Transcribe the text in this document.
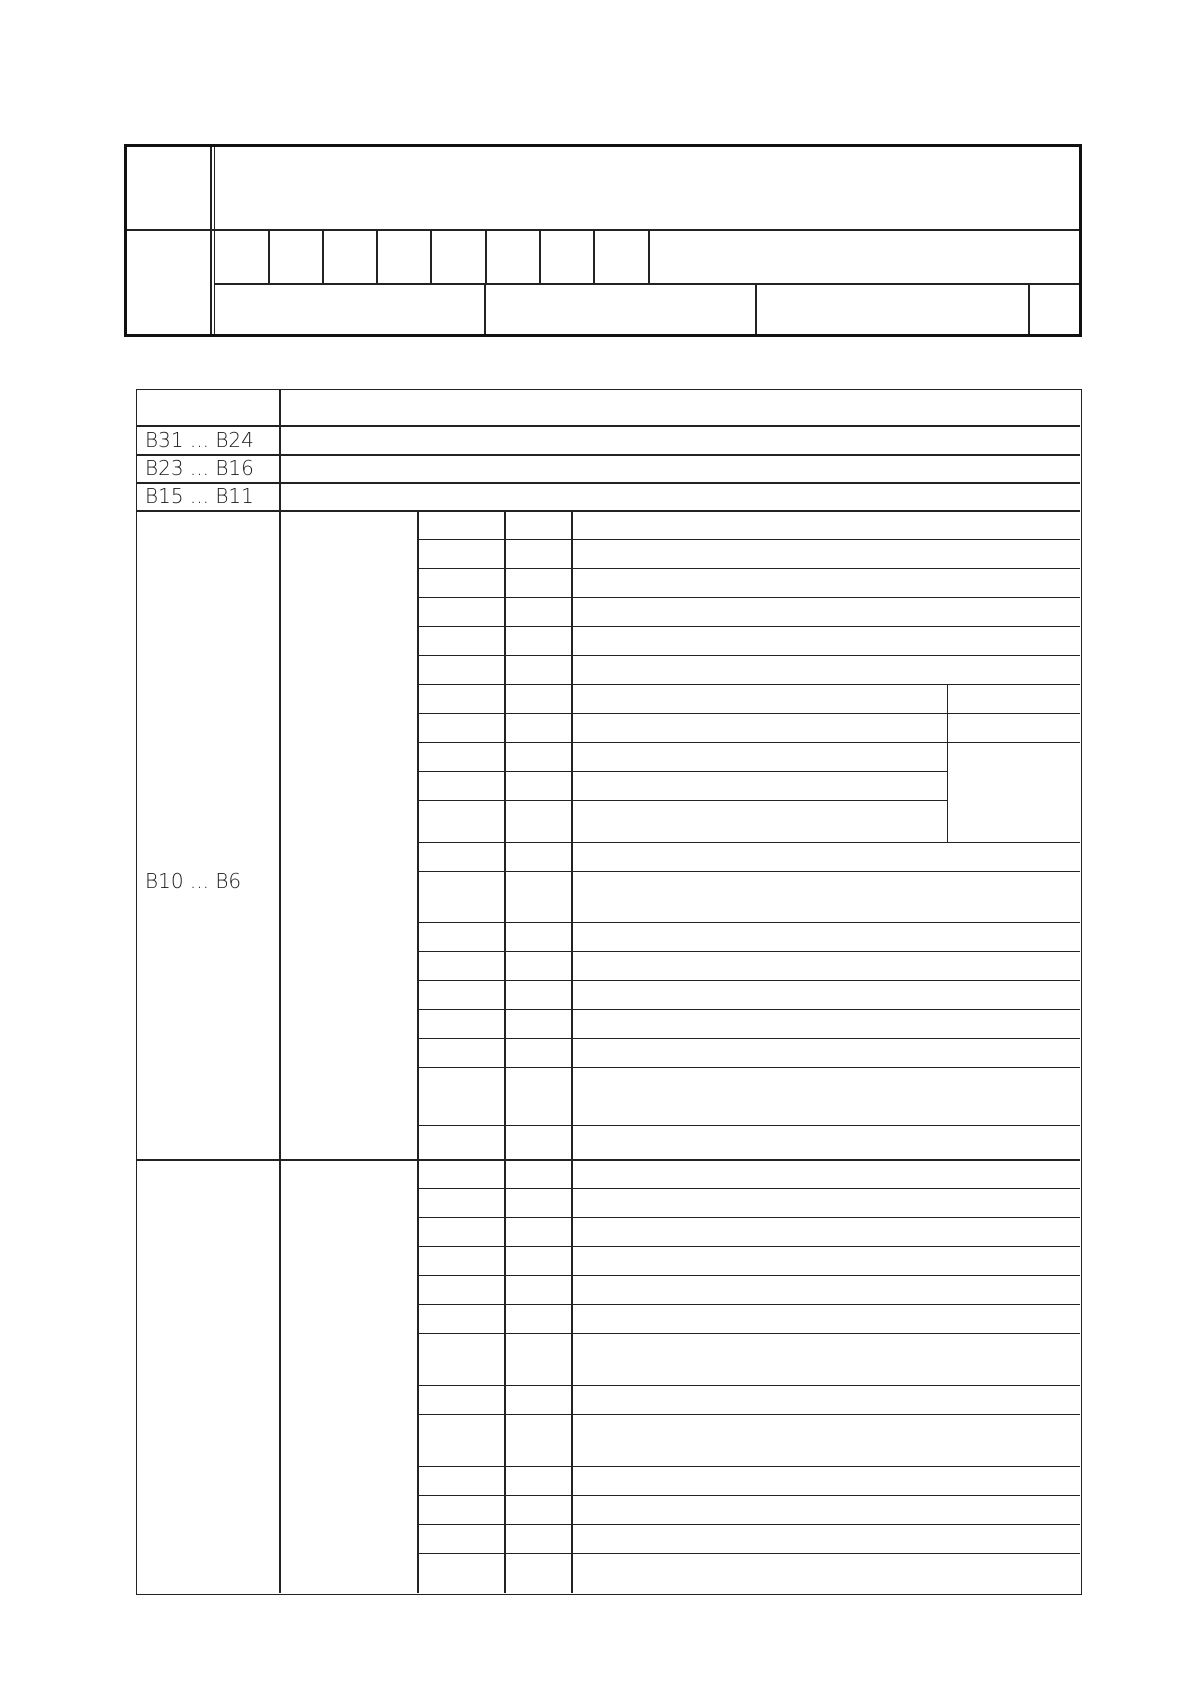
B31 ... B24
B23 ... B16
B15 ... B11
B10 ... B6
